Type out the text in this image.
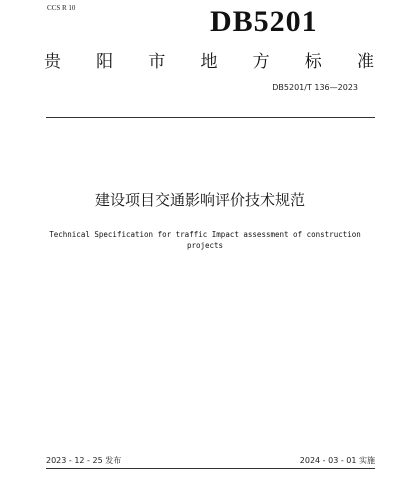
CCS R 10	DB5201
贵 阳 市 地 方 标 准
DB5201/T 136—2023
建设项目交通影响评价技术规范
Technical Specification for traffic Impact assessment of construction projects
2023 - 12 - 25 发布	2024 - 03 - 01 实施
